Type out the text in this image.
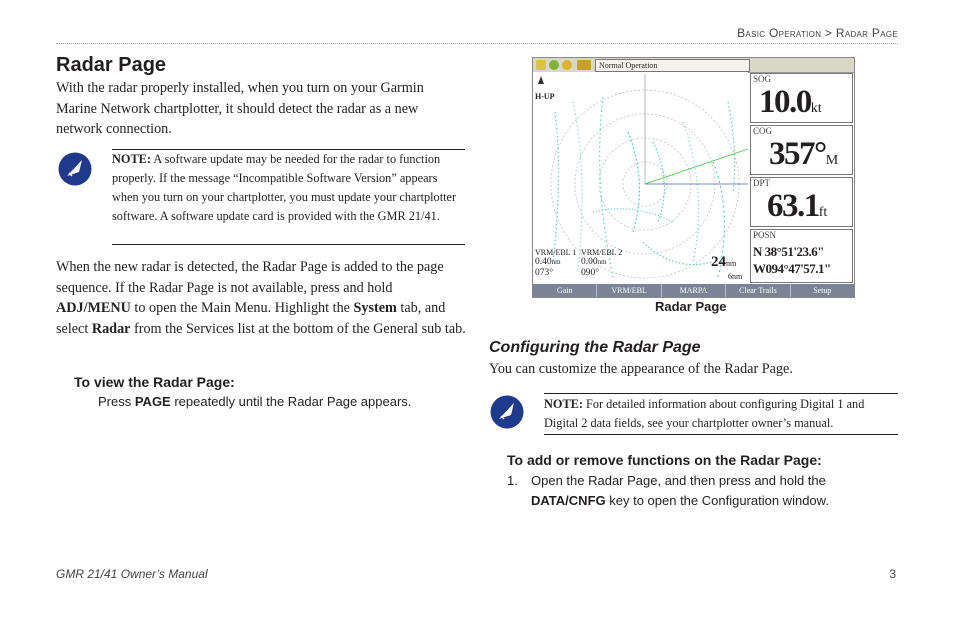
Basic Operation > Radar Page
Radar Page
With the radar properly installed, when you turn on your Garmin Marine Network chartplotter, it should detect the radar as a new network connection.
NOTE: A software update may be needed for the radar to function properly. If the message “Incompatible Software Version” appears when you turn on your chartplotter, you must update your chartplotter software. A software update card is provided with the GMR 21/41.
When the new radar is detected, the Radar Page is added to the page sequence. If the Radar Page is not available, press and hold ADJ/MENU to open the Main Menu. Highlight the System tab, and select Radar from the Services list at the bottom of the General sub tab.
To view the Radar Page:
Press PAGE repeatedly until the Radar Page appears.
Normal Operation
H-UP
VRM/EBL 1
0.40nm
073°
VRM/EBL 2
0.00nm
090°
24nm
6nm
SOG
10.0kt
COG
357°M
DPT
63.1ft
POSN
N 38°51'23.6"
W094°47'57.1"
Gain	VRM/EBL	MARPA	Clear Trails	Setup
Radar Page
Configuring the Radar Page
You can customize the appearance of the Radar Page.
NOTE: For detailed information about configuring Digital 1 and Digital 2 data fields, see your chartplotter owner’s manual.
To add or remove functions on the Radar Page:
1. Open the Radar Page, and then press and hold the
DATA/CNFG key to open the Configuration window.
GMR 21/41 Owner’s Manual	3
